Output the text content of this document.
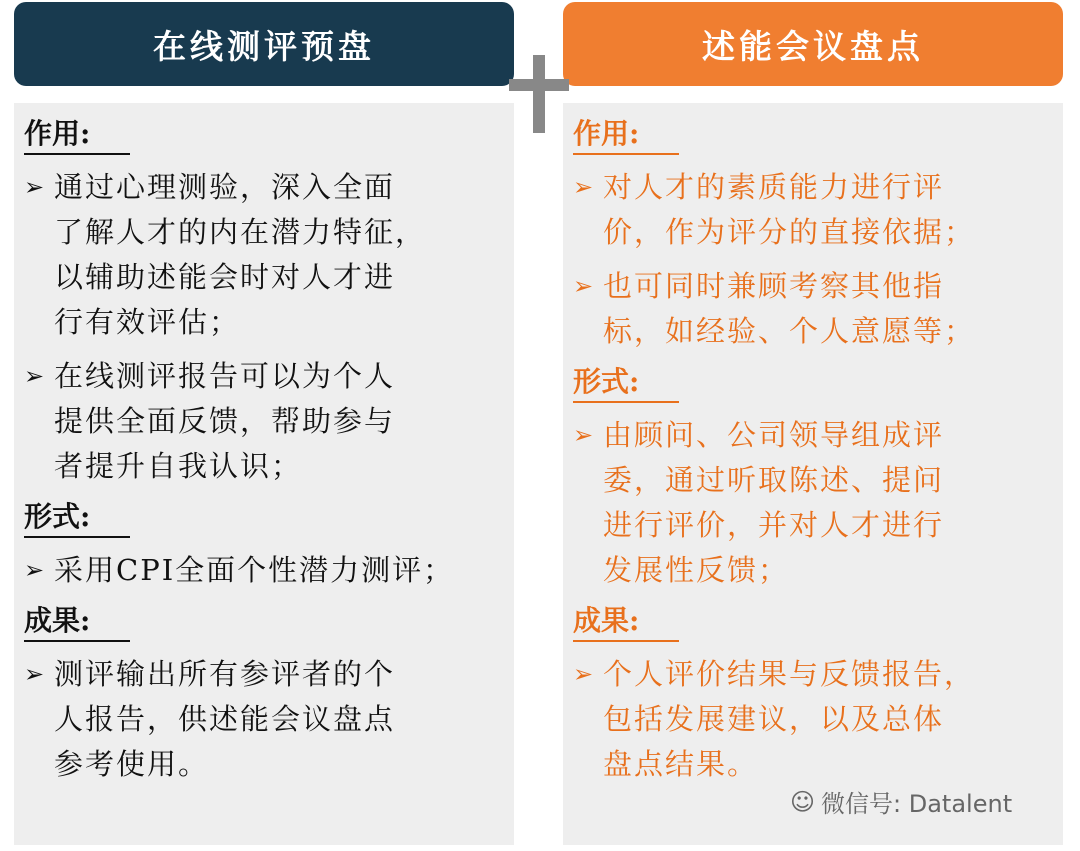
在线测评预盘	述能会议盘点
作用:
➢ 通过心理测验，深入全面
了解人才的内在潜力特征，
以辅助述能会时对人才进
行有效评估；
➢ 在线测评报告可以为个人
提供全面反馈，帮助参与
者提升自我认识；
形式:
➢ 采用CPI全面个性潜力测评；
成果:
➢ 测评输出所有参评者的个
人报告，供述能会议盘点
参考使用。
作用:
➢ 对人才的素质能力进行评
价，作为评分的直接依据；
➢ 也可同时兼顾考察其他指
标，如经验、个人意愿等；
形式:
➢ 由顾问、公司领导组成评
委，通过听取陈述、提问
进行评价，并对人才进行
发展性反馈；
成果:
➢ 个人评价结果与反馈报告，
包括发展建议，以及总体
盘点结果。
☺ 微信号: Datalent
